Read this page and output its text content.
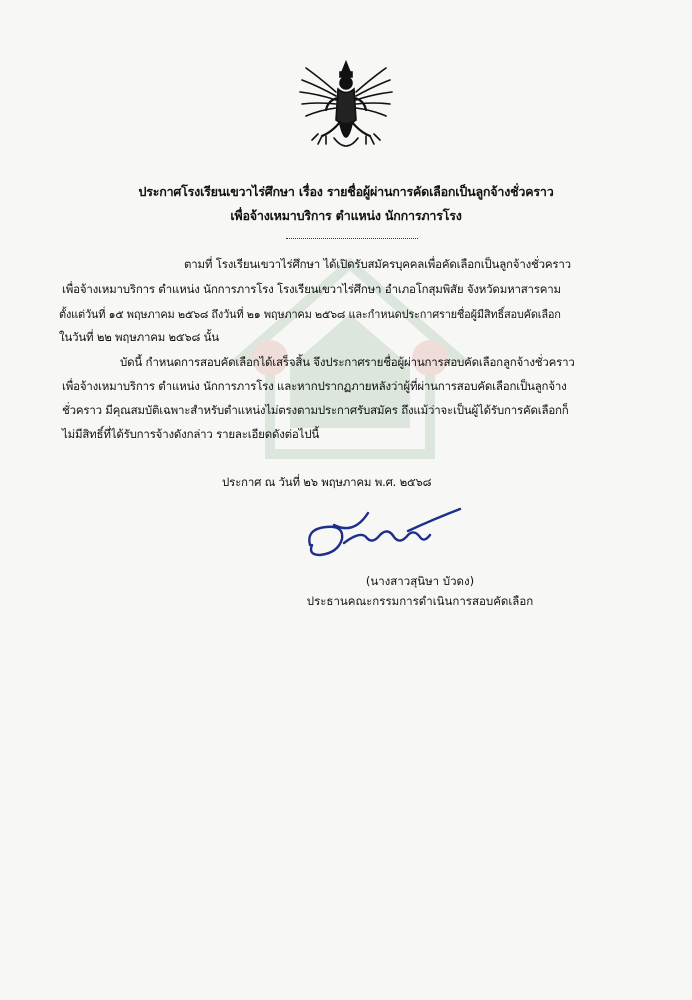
ประกาศโรงเรียนเขวาไร่ศึกษา เรื่อง รายชื่อผู้ผ่านการคัดเลือกเป็นลูกจ้างชั่วคราว
เพื่อจ้างเหมาบริการ ตำแหน่ง นักการภารโรง
ตามที่ โรงเรียนเขวาไร่ศึกษา ได้เปิดรับสมัครบุคคลเพื่อคัดเลือกเป็นลูกจ้างชั่วคราว
เพื่อจ้างเหมาบริการ ตำแหน่ง นักการภารโรง โรงเรียนเขวาไร่ศึกษา อำเภอโกสุมพิสัย จังหวัดมหาสารคาม
ตั้งแต่วันที่ ๑๕ พฤษภาคม ๒๕๖๘ ถึงวันที่ ๒๑ พฤษภาคม ๒๕๖๘ และกำหนดประกาศรายชื่อผู้มีสิทธิ์สอบคัดเลือก
ในวันที่ ๒๒ พฤษภาคม ๒๕๖๘ นั้น
บัดนี้ กำหนดการสอบคัดเลือกได้เสร็จสิ้น จึงประกาศรายชื่อผู้ผ่านการสอบคัดเลือกลูกจ้างชั่วคราว
เพื่อจ้างเหมาบริการ ตำแหน่ง นักการภารโรง และหากปรากฏภายหลังว่าผู้ที่ผ่านการสอบคัดเลือกเป็นลูกจ้าง
ชั่วคราว มีคุณสมบัติเฉพาะสำหรับตำแหน่งไม่ตรงตามประกาศรับสมัคร ถึงแม้ว่าจะเป็นผู้ได้รับการคัดเลือกก็
ไม่มีสิทธิ์ที่ได้รับการจ้างดังกล่าว รายละเอียดดังต่อไปนี้
ประกาศ ณ วันที่ ๒๖ พฤษภาคม พ.ศ. ๒๕๖๘
(นางสาวสุนิษา บัวดง)
ประธานคณะกรรมการดำเนินการสอบคัดเลือก
